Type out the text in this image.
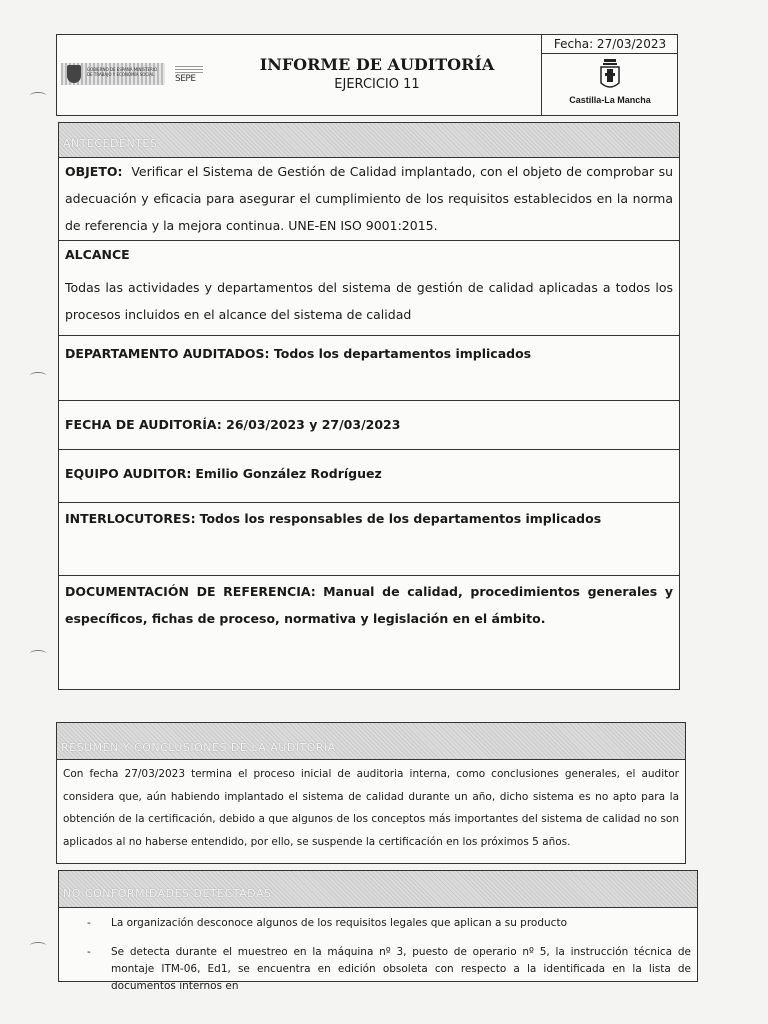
GOBIERNO DE ESPAÑA MINISTERIO DE TRABAJO Y ECONOMÍA SOCIAL	SEPE
INFORME DE AUDITORÍA
EJERCICIO 11
Fecha: 27/03/2023
Castilla-La Mancha
ANTECEDENTES
OBJETO: Verificar el Sistema de Gestión de Calidad implantado, con el objeto de comprobar su adecuación y eficacia para asegurar el cumplimiento de los requisitos establecidos en la norma de referencia y la mejora continua. UNE-EN ISO 9001:2015.
ALCANCE
Todas las actividades y departamentos del sistema de gestión de calidad aplicadas a todos los procesos incluidos en el alcance del sistema de calidad
DEPARTAMENTO AUDITADOS: Todos los departamentos implicados
FECHA DE AUDITORÍA: 26/03/2023 y 27/03/2023
EQUIPO AUDITOR: Emilio González Rodríguez
INTERLOCUTORES: Todos los responsables de los departamentos implicados
DOCUMENTACIÓN DE REFERENCIA: Manual de calidad, procedimientos generales y específicos, fichas de proceso, normativa y legislación en el ámbito.
RESUMEN Y CONCLUSIONES DE LA AUDITORÍA
Con fecha 27/03/2023 termina el proceso inicial de auditoria interna, como conclusiones generales, el auditor considera que, aún habiendo implantado el sistema de calidad durante un año, dicho sistema es no apto para la obtención de la certificación, debido a que algunos de los conceptos más importantes del sistema de calidad no son aplicados al no haberse entendido, por ello, se suspende la certificación en los próximos 5 años.
NO CONFORMIDADES DETECTADAS
- La organización desconoce algunos de los requisitos legales que aplican a su producto
- Se detecta durante el muestreo en la máquina nº 3, puesto de operario nº 5, la instrucción técnica de montaje ITM-06, Ed1, se encuentra en edición obsoleta con respecto a la identificada en la lista de documentos internos en
